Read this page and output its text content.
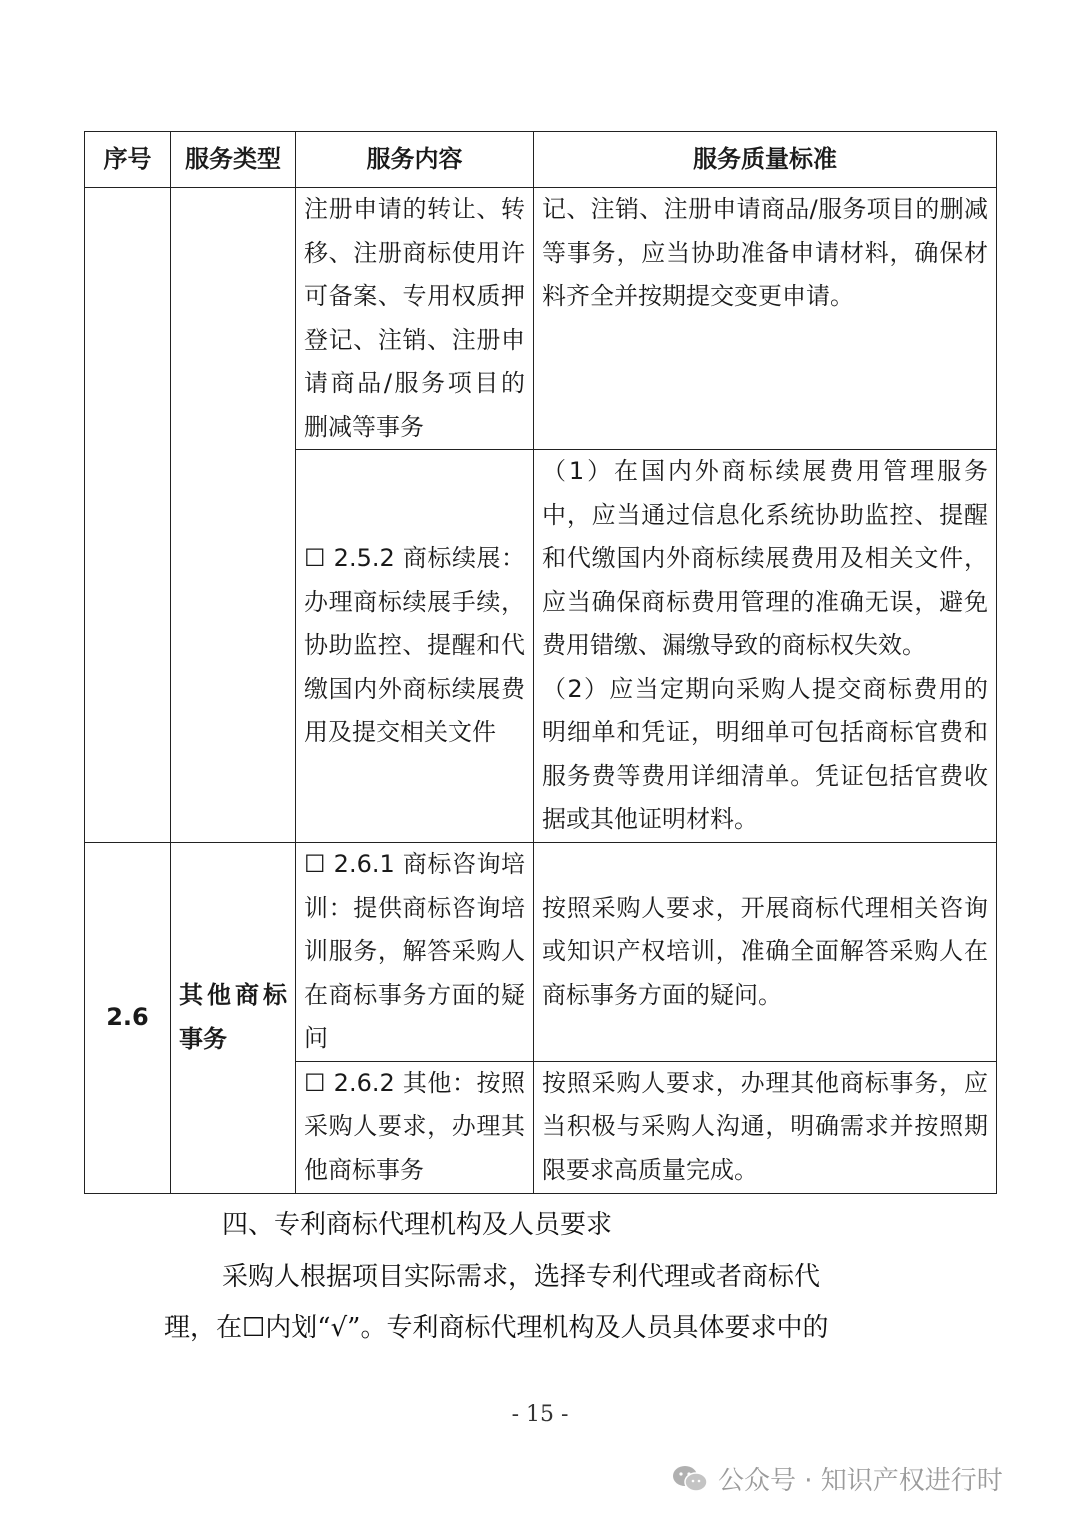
序号	服务类型	服务内容	服务质量标准
		注册申请的转让、转移、注册商标使用许可备案、专用权质押登记、注销、注册申请商品/服务项目的删减等事务	记、注销、注册申请商品/服务项目的删减等事务，应当协助准备申请材料，确保材料齐全并按期提交变更申请。
		☐ 2.5.2 商标续展：办理商标续展手续，协助监控、提醒和代缴国内外商标续展费用及提交相关文件	（1）在国内外商标续展费用管理服务中，应当通过信息化系统协助监控、提醒和代缴国内外商标续展费用及相关文件，应当确保商标费用管理的准确无误，避免费用错缴、漏缴导致的商标权失效。
（2）应当定期向采购人提交商标费用的明细单和凭证，明细单可包括商标官费和服务费等费用详细清单。凭证包括官费收据或其他证明材料。

2.6	其他商标事务	☐ 2.6.1 商标咨询培训：提供商标咨询培训服务，解答采购人在商标事务方面的疑问	按照采购人要求，开展商标代理相关咨询或知识产权培训，准确全面解答采购人在商标事务方面的疑问。
		☐ 2.6.2 其他：按照采购人要求，办理其他商标事务	按照采购人要求，办理其他商标事务，应当积极与采购人沟通，明确需求并按照期限要求高质量完成。
四、专利商标代理机构及人员要求
采购人根据项目实际需求，选择专利代理或者商标代
理，在☐内划“√”。专利商标代理机构及人员具体要求中的
- 15 -
公众号 · 知识产权进行时
